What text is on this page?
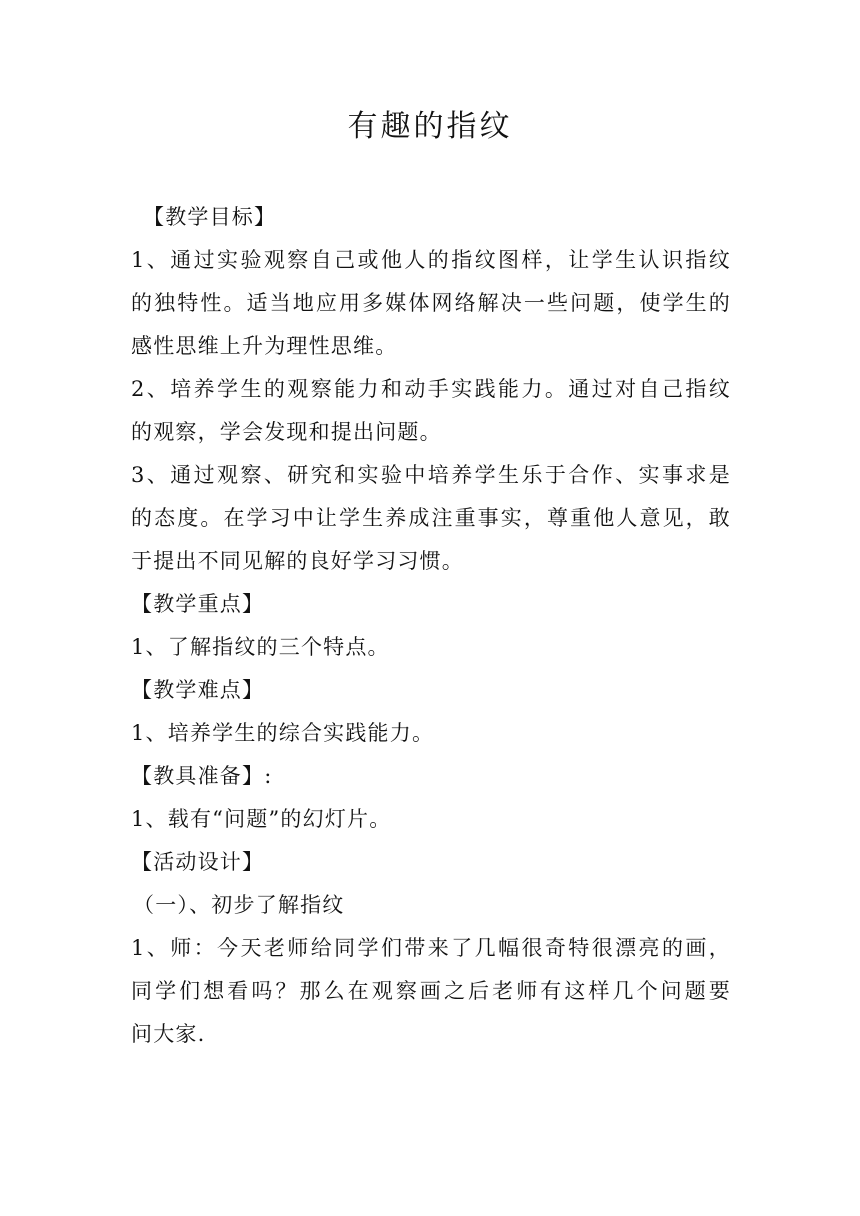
有趣的指纹
【教学目标】
1、通过实验观察自己或他人的指纹图样，让学生认识指纹
的独特性。适当地应用多媒体网络解决一些问题，使学生的
感性思维上升为理性思维。
2、培养学生的观察能力和动手实践能力。通过对自己指纹
的观察，学会发现和提出问题。
3、通过观察、研究和实验中培养学生乐于合作、实事求是
的态度。在学习中让学生养成注重事实，尊重他人意见，敢
于提出不同见解的良好学习习惯。
【教学重点】
1、了解指纹的三个特点。
【教学难点】
1、培养学生的综合实践能力。
【教具准备】:
1、载有“问题”的幻灯片。
【活动设计】
（一）、初步了解指纹
1、师：今天老师给同学们带来了几幅很奇特很漂亮的画，
同学们想看吗？那么在观察画之后老师有这样几个问题要
问大家.
